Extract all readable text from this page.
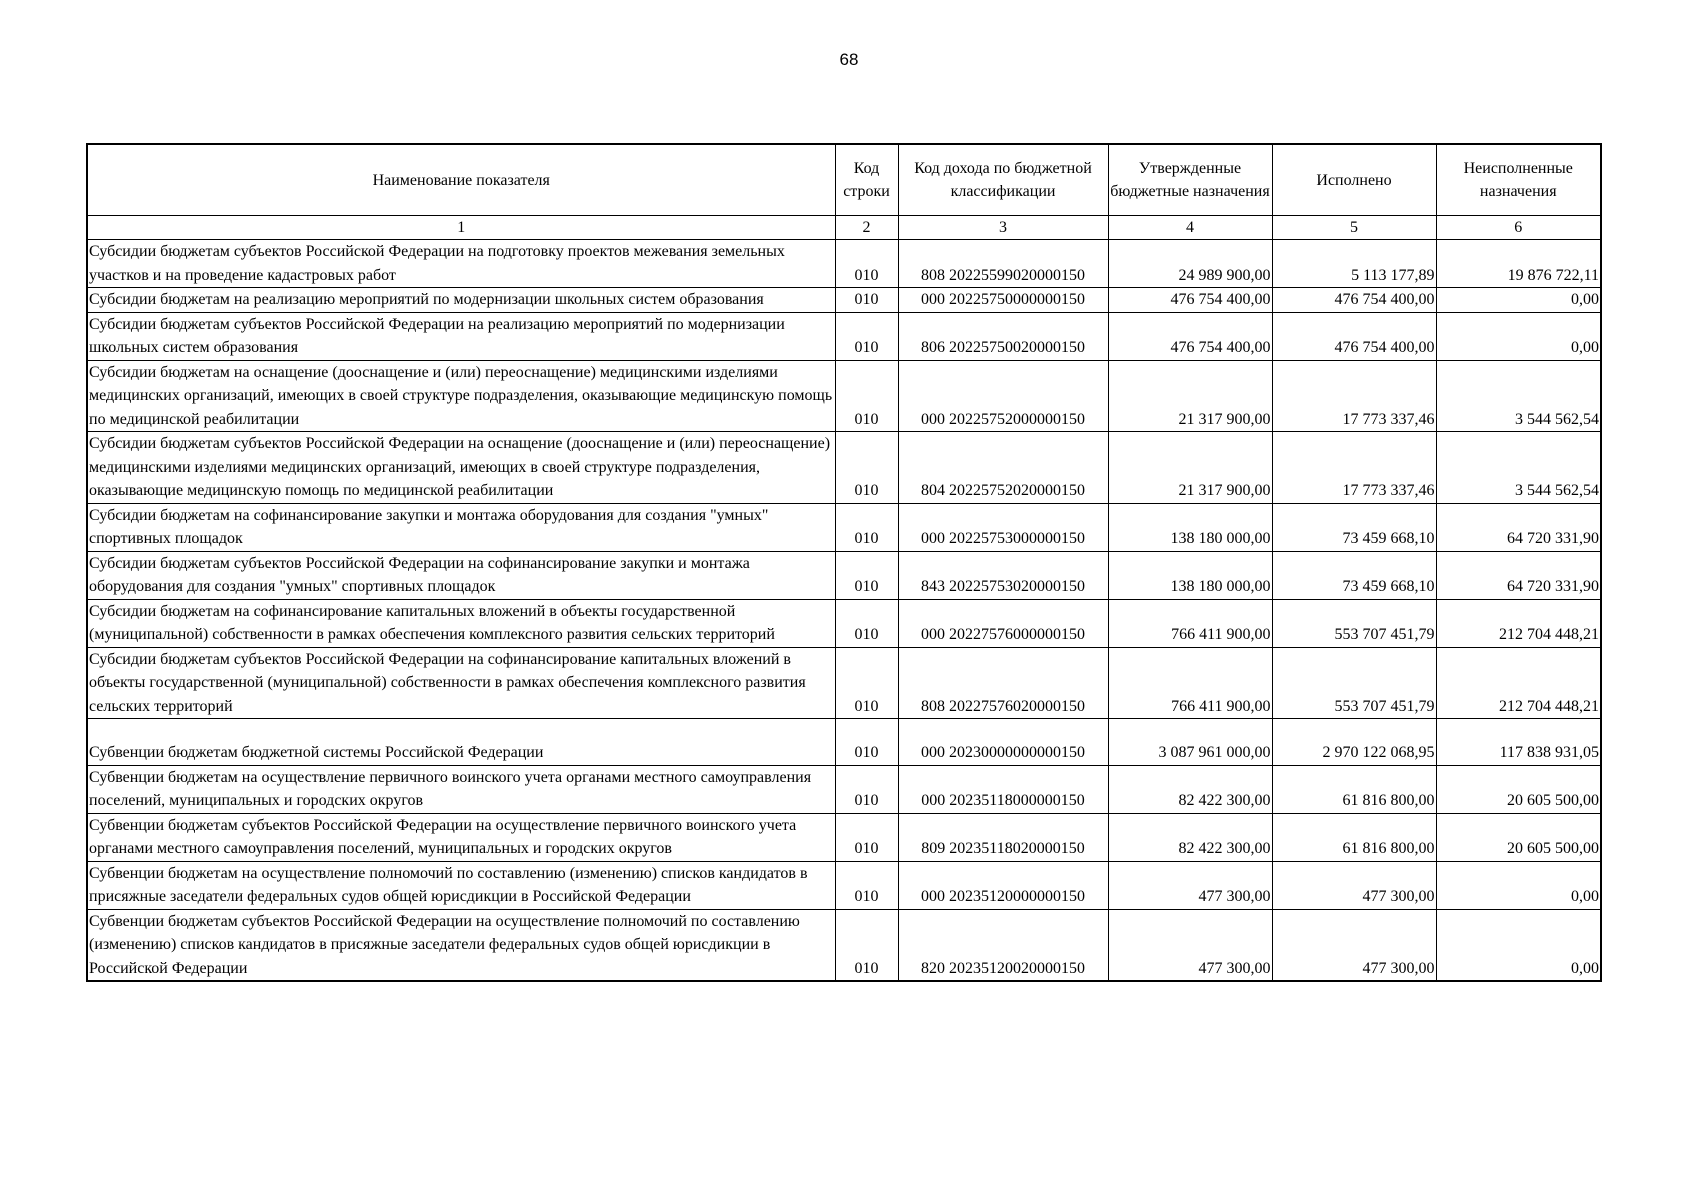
68
Наименование показателя	Код строки	Код дохода по бюджетной классификации	Утвержденные бюджетные назначения	Исполнено	Неисполненные назначения
1	2	3	4	5	6
Субсидии бюджетам субъектов Российской Федерации на подготовку проектов межевания земельных участков и на проведение кадастровых работ	010	808 20225599020000150	24 989 900,00	5 113 177,89	19 876 722,11
Субсидии бюджетам на реализацию мероприятий по модернизации школьных систем образования	010	000 20225750000000150	476 754 400,00	476 754 400,00	0,00
Субсидии бюджетам субъектов Российской Федерации на реализацию мероприятий по модернизации школьных систем образования	010	806 20225750020000150	476 754 400,00	476 754 400,00	0,00
Субсидии бюджетам на оснащение (дооснащение и (или) переоснащение) медицинскими изделиями медицинских организаций, имеющих в своей структуре подразделения, оказывающие медицинскую помощь по медицинской реабилитации	010	000 20225752000000150	21 317 900,00	17 773 337,46	3 544 562,54
Субсидии бюджетам субъектов Российской Федерации на оснащение (дооснащение и (или) переоснащение) медицинскими изделиями медицинских организаций, имеющих в своей структуре подразделения, оказывающие медицинскую помощь по медицинской реабилитации	010	804 20225752020000150	21 317 900,00	17 773 337,46	3 544 562,54
Субсидии бюджетам на софинансирование закупки и монтажа оборудования для создания "умных" спортивных площадок	010	000 20225753000000150	138 180 000,00	73 459 668,10	64 720 331,90
Субсидии бюджетам субъектов Российской Федерации на софинансирование закупки и монтажа оборудования для создания "умных" спортивных площадок	010	843 20225753020000150	138 180 000,00	73 459 668,10	64 720 331,90
Субсидии бюджетам на софинансирование капитальных вложений в объекты государственной (муниципальной) собственности в рамках обеспечения комплексного развития сельских территорий	010	000 20227576000000150	766 411 900,00	553 707 451,79	212 704 448,21
Субсидии бюджетам субъектов Российской Федерации на софинансирование капитальных вложений в объекты государственной (муниципальной) собственности в рамках обеспечения комплексного развития сельских территорий	010	808 20227576020000150	766 411 900,00	553 707 451,79	212 704 448,21
Субвенции бюджетам бюджетной системы Российской Федерации	010	000 20230000000000150	3 087 961 000,00	2 970 122 068,95	117 838 931,05
Субвенции бюджетам на осуществление первичного воинского учета органами местного самоуправления поселений, муниципальных и городских округов	010	000 20235118000000150	82 422 300,00	61 816 800,00	20 605 500,00
Субвенции бюджетам субъектов Российской Федерации на осуществление первичного воинского учета органами местного самоуправления поселений, муниципальных и городских округов	010	809 20235118020000150	82 422 300,00	61 816 800,00	20 605 500,00
Субвенции бюджетам на осуществление полномочий по составлению (изменению) списков кандидатов в присяжные заседатели федеральных судов общей юрисдикции в Российской Федерации	010	000 20235120000000150	477 300,00	477 300,00	0,00
Субвенции бюджетам субъектов Российской Федерации на осуществление полномочий по составлению (изменению) списков кандидатов в присяжные заседатели федеральных судов общей юрисдикции в Российской Федерации	010	820 20235120020000150	477 300,00	477 300,00	0,00
